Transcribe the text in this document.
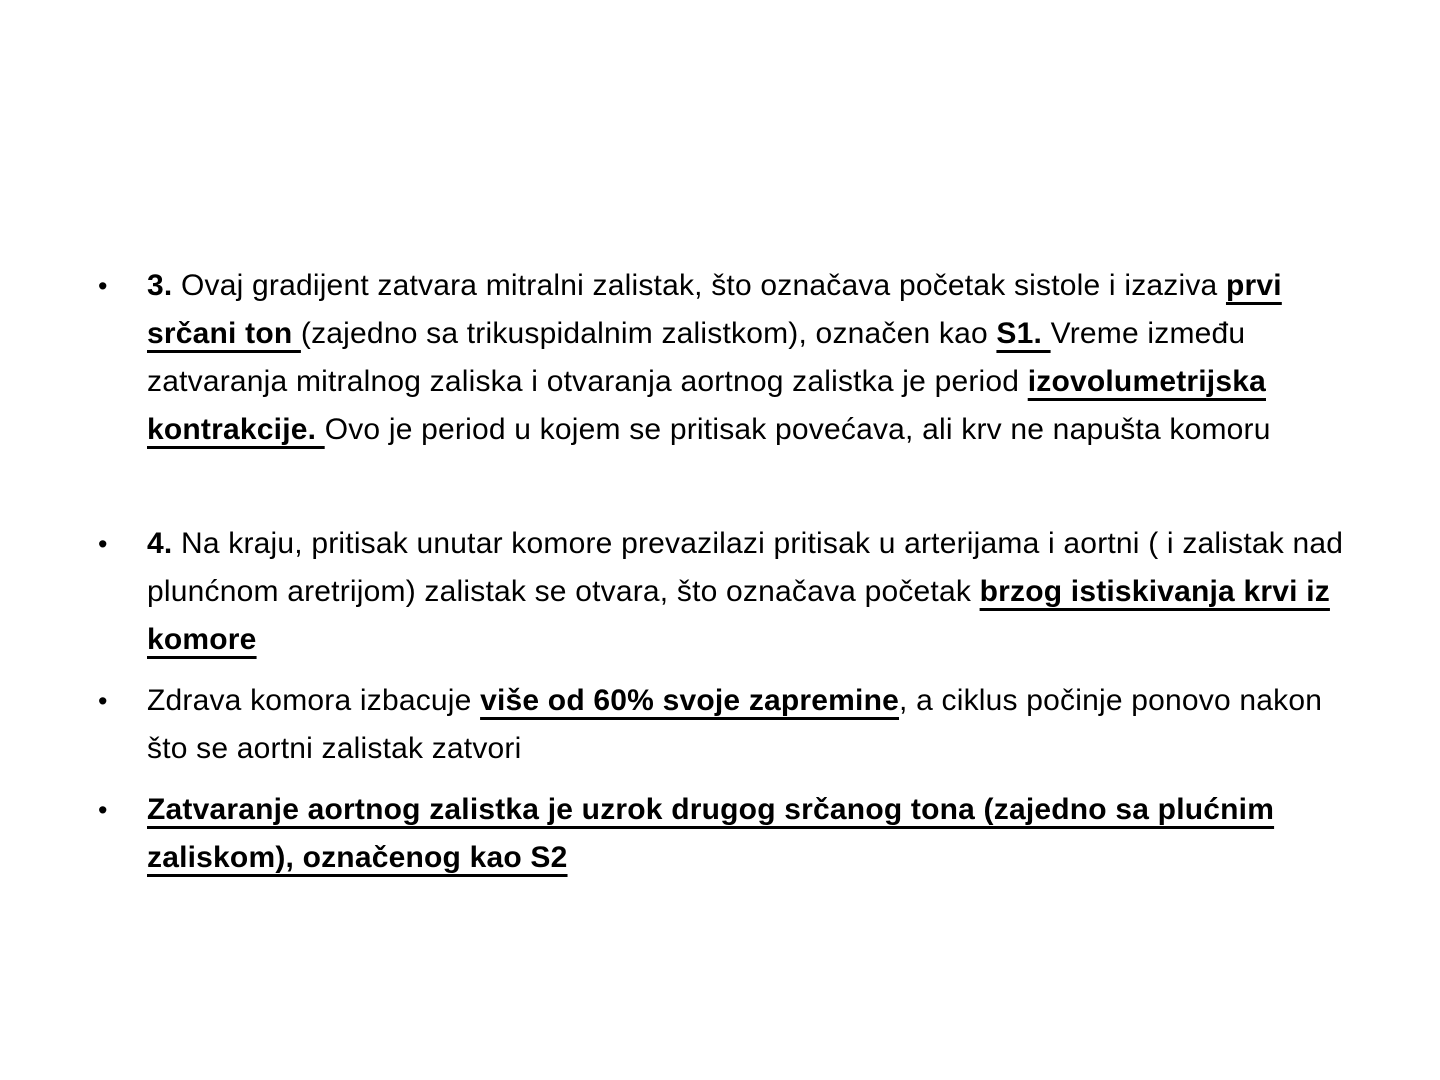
•	3. Ovaj gradijent zatvara mitralni zalistak, što označava početak sistole i izaziva prvi srčani ton (zajedno sa trikuspidalnim zalistkom), označen kao S1. Vreme između zatvaranja mitralnog zaliska i otvaranja aortnog zalistka je period izovolumetrijska kontrakcije. Ovo je period u kojem se pritisak povećava, ali krv ne napušta komoru
•	4. Na kraju, pritisak unutar komore prevazilazi pritisak u arterijama i aortni ( i zalistak nad plunćnom aretrijom) zalistak se otvara, što označava početak brzog istiskivanja krvi iz komore
•	Zdrava komora izbacuje više od 60% svoje zapremine, a ciklus počinje ponovo nakon što se aortni zalistak zatvori
•	Zatvaranje aortnog zalistka je uzrok drugog srčanog tona (zajedno sa plućnim zaliskom), označenog kao S2
